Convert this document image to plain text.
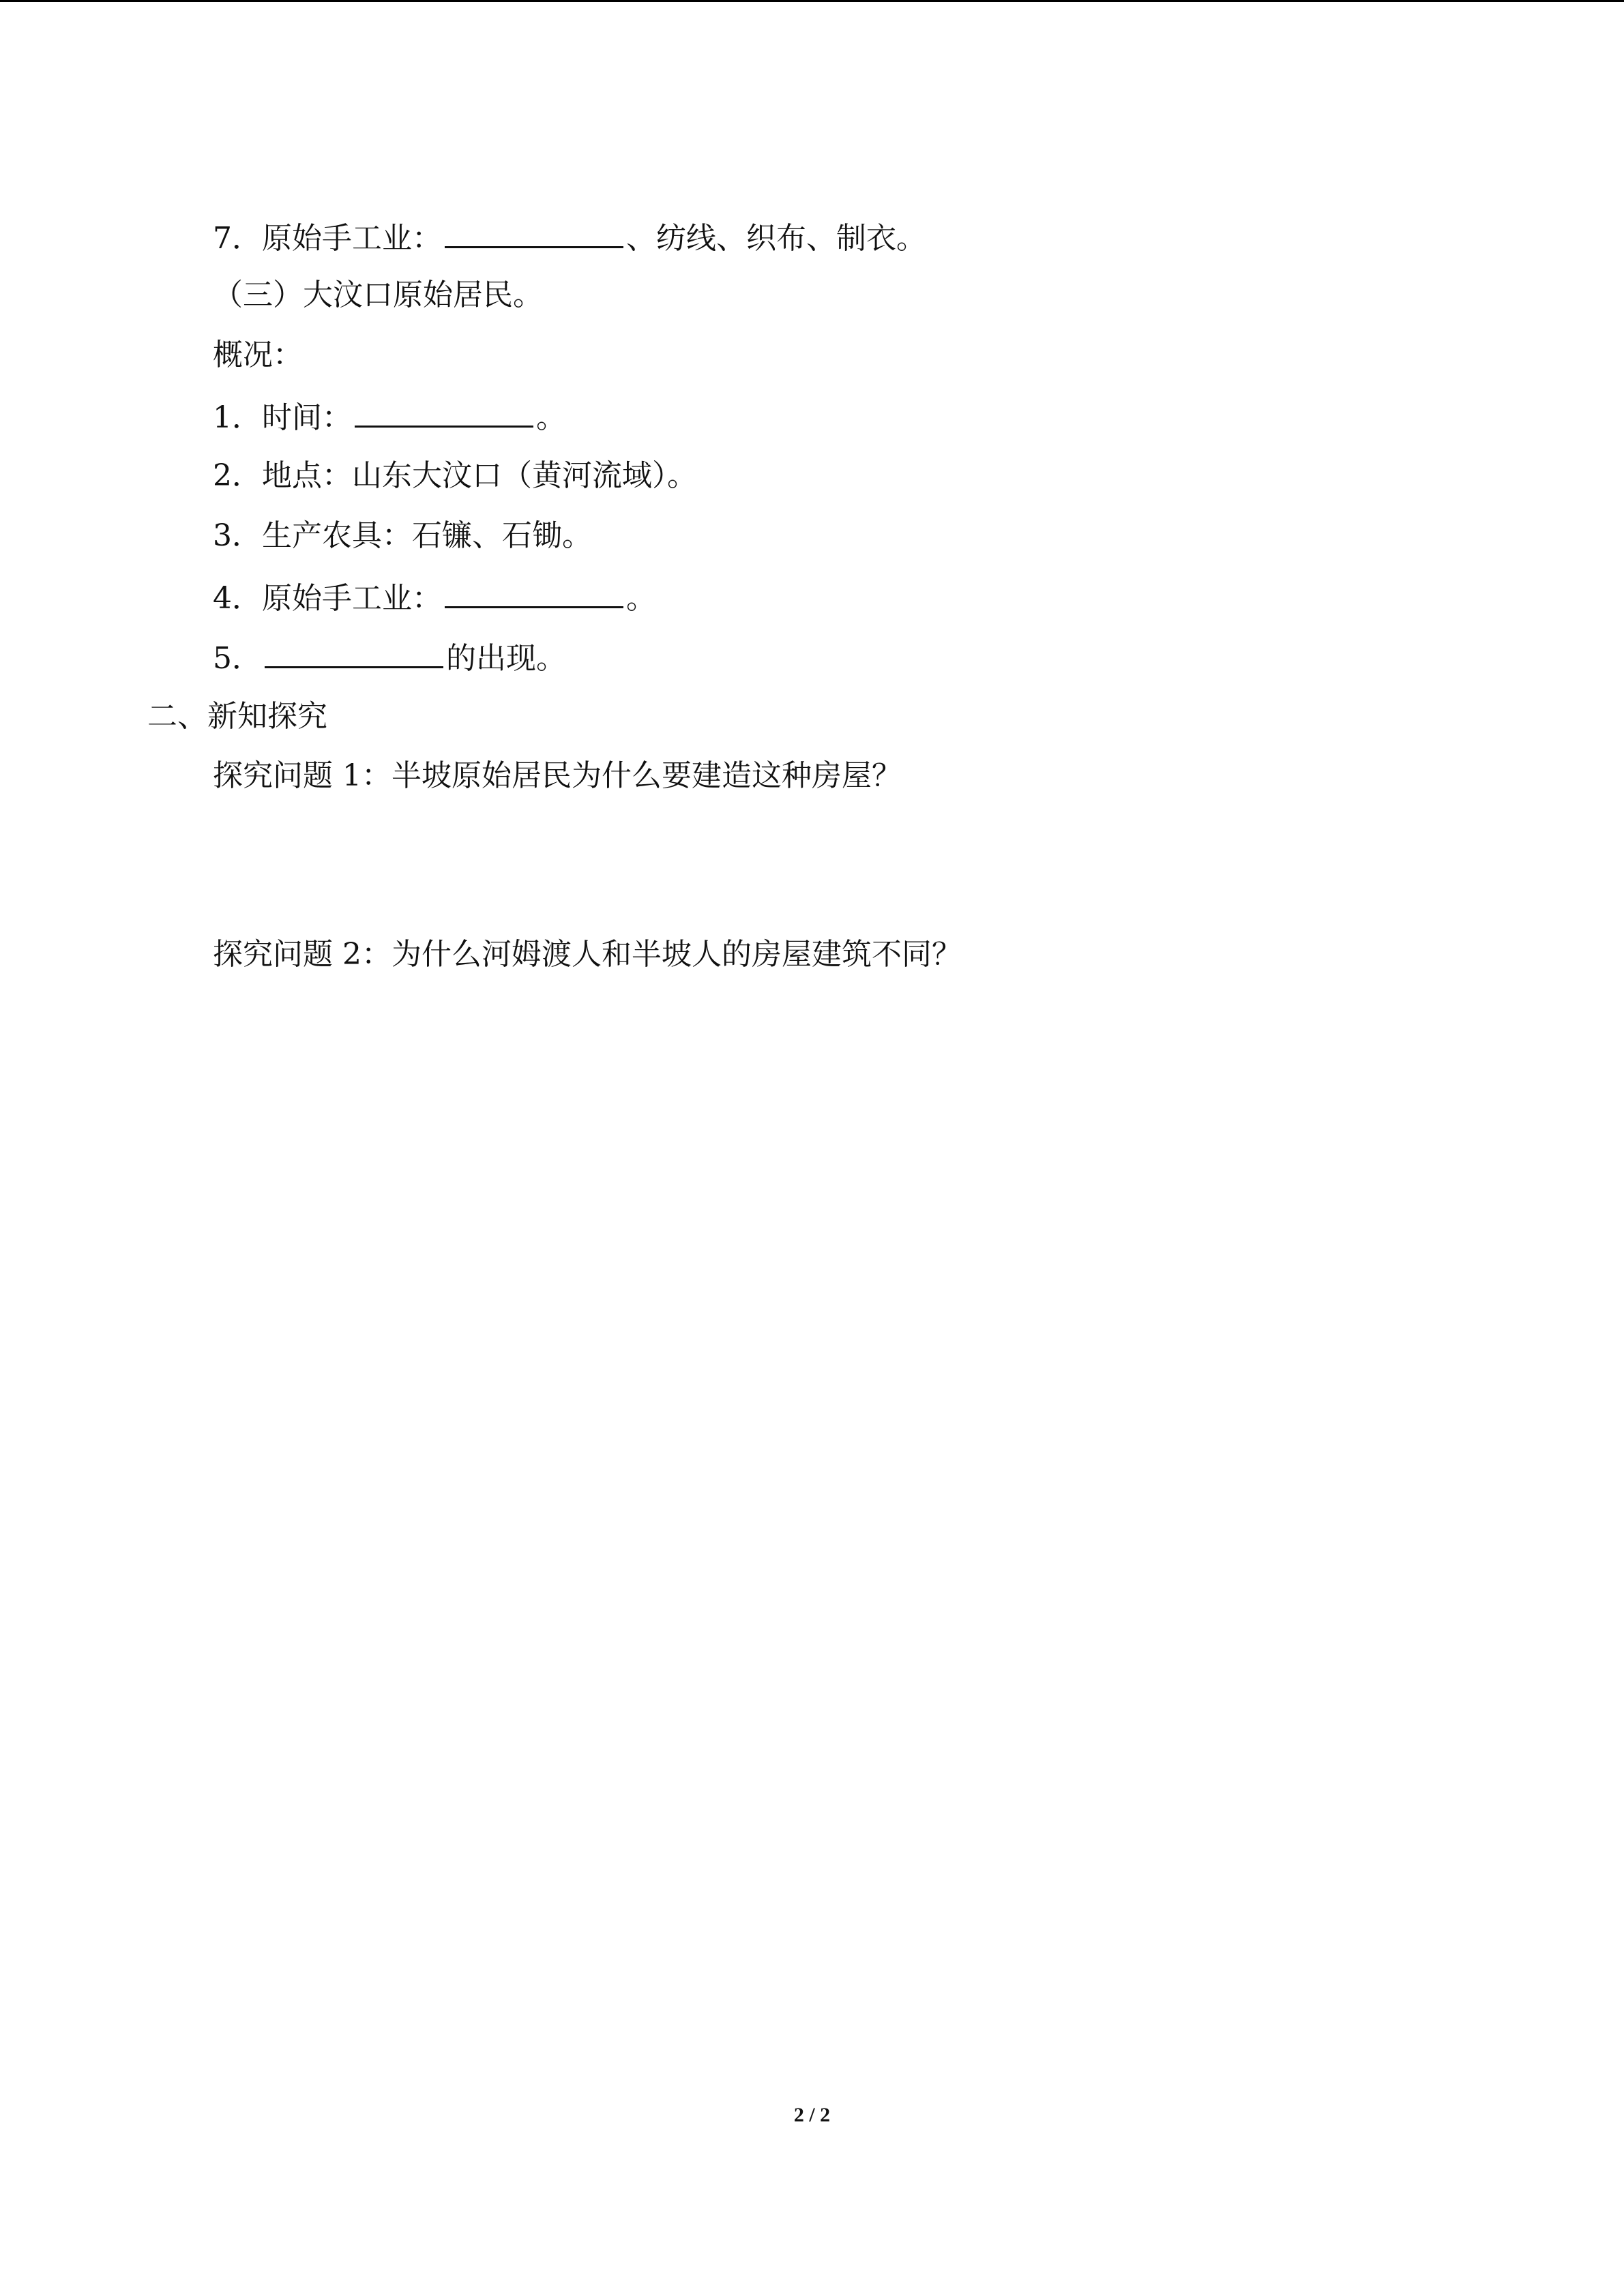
7．原始手工业：	、纺线、织布、制衣。
（三）大汶口原始居民。
概况：
1．时间：	。
2．地点：山东大汶口（黄河流域）。
3．生产农具：石镰、石锄。
4．原始手工业：	。
5．	的出现。
二、新知探究
探究问题 1：半坡原始居民为什么要建造这种房屋？
探究问题 2：为什么河姆渡人和半坡人的房屋建筑不同？
2 / 2
